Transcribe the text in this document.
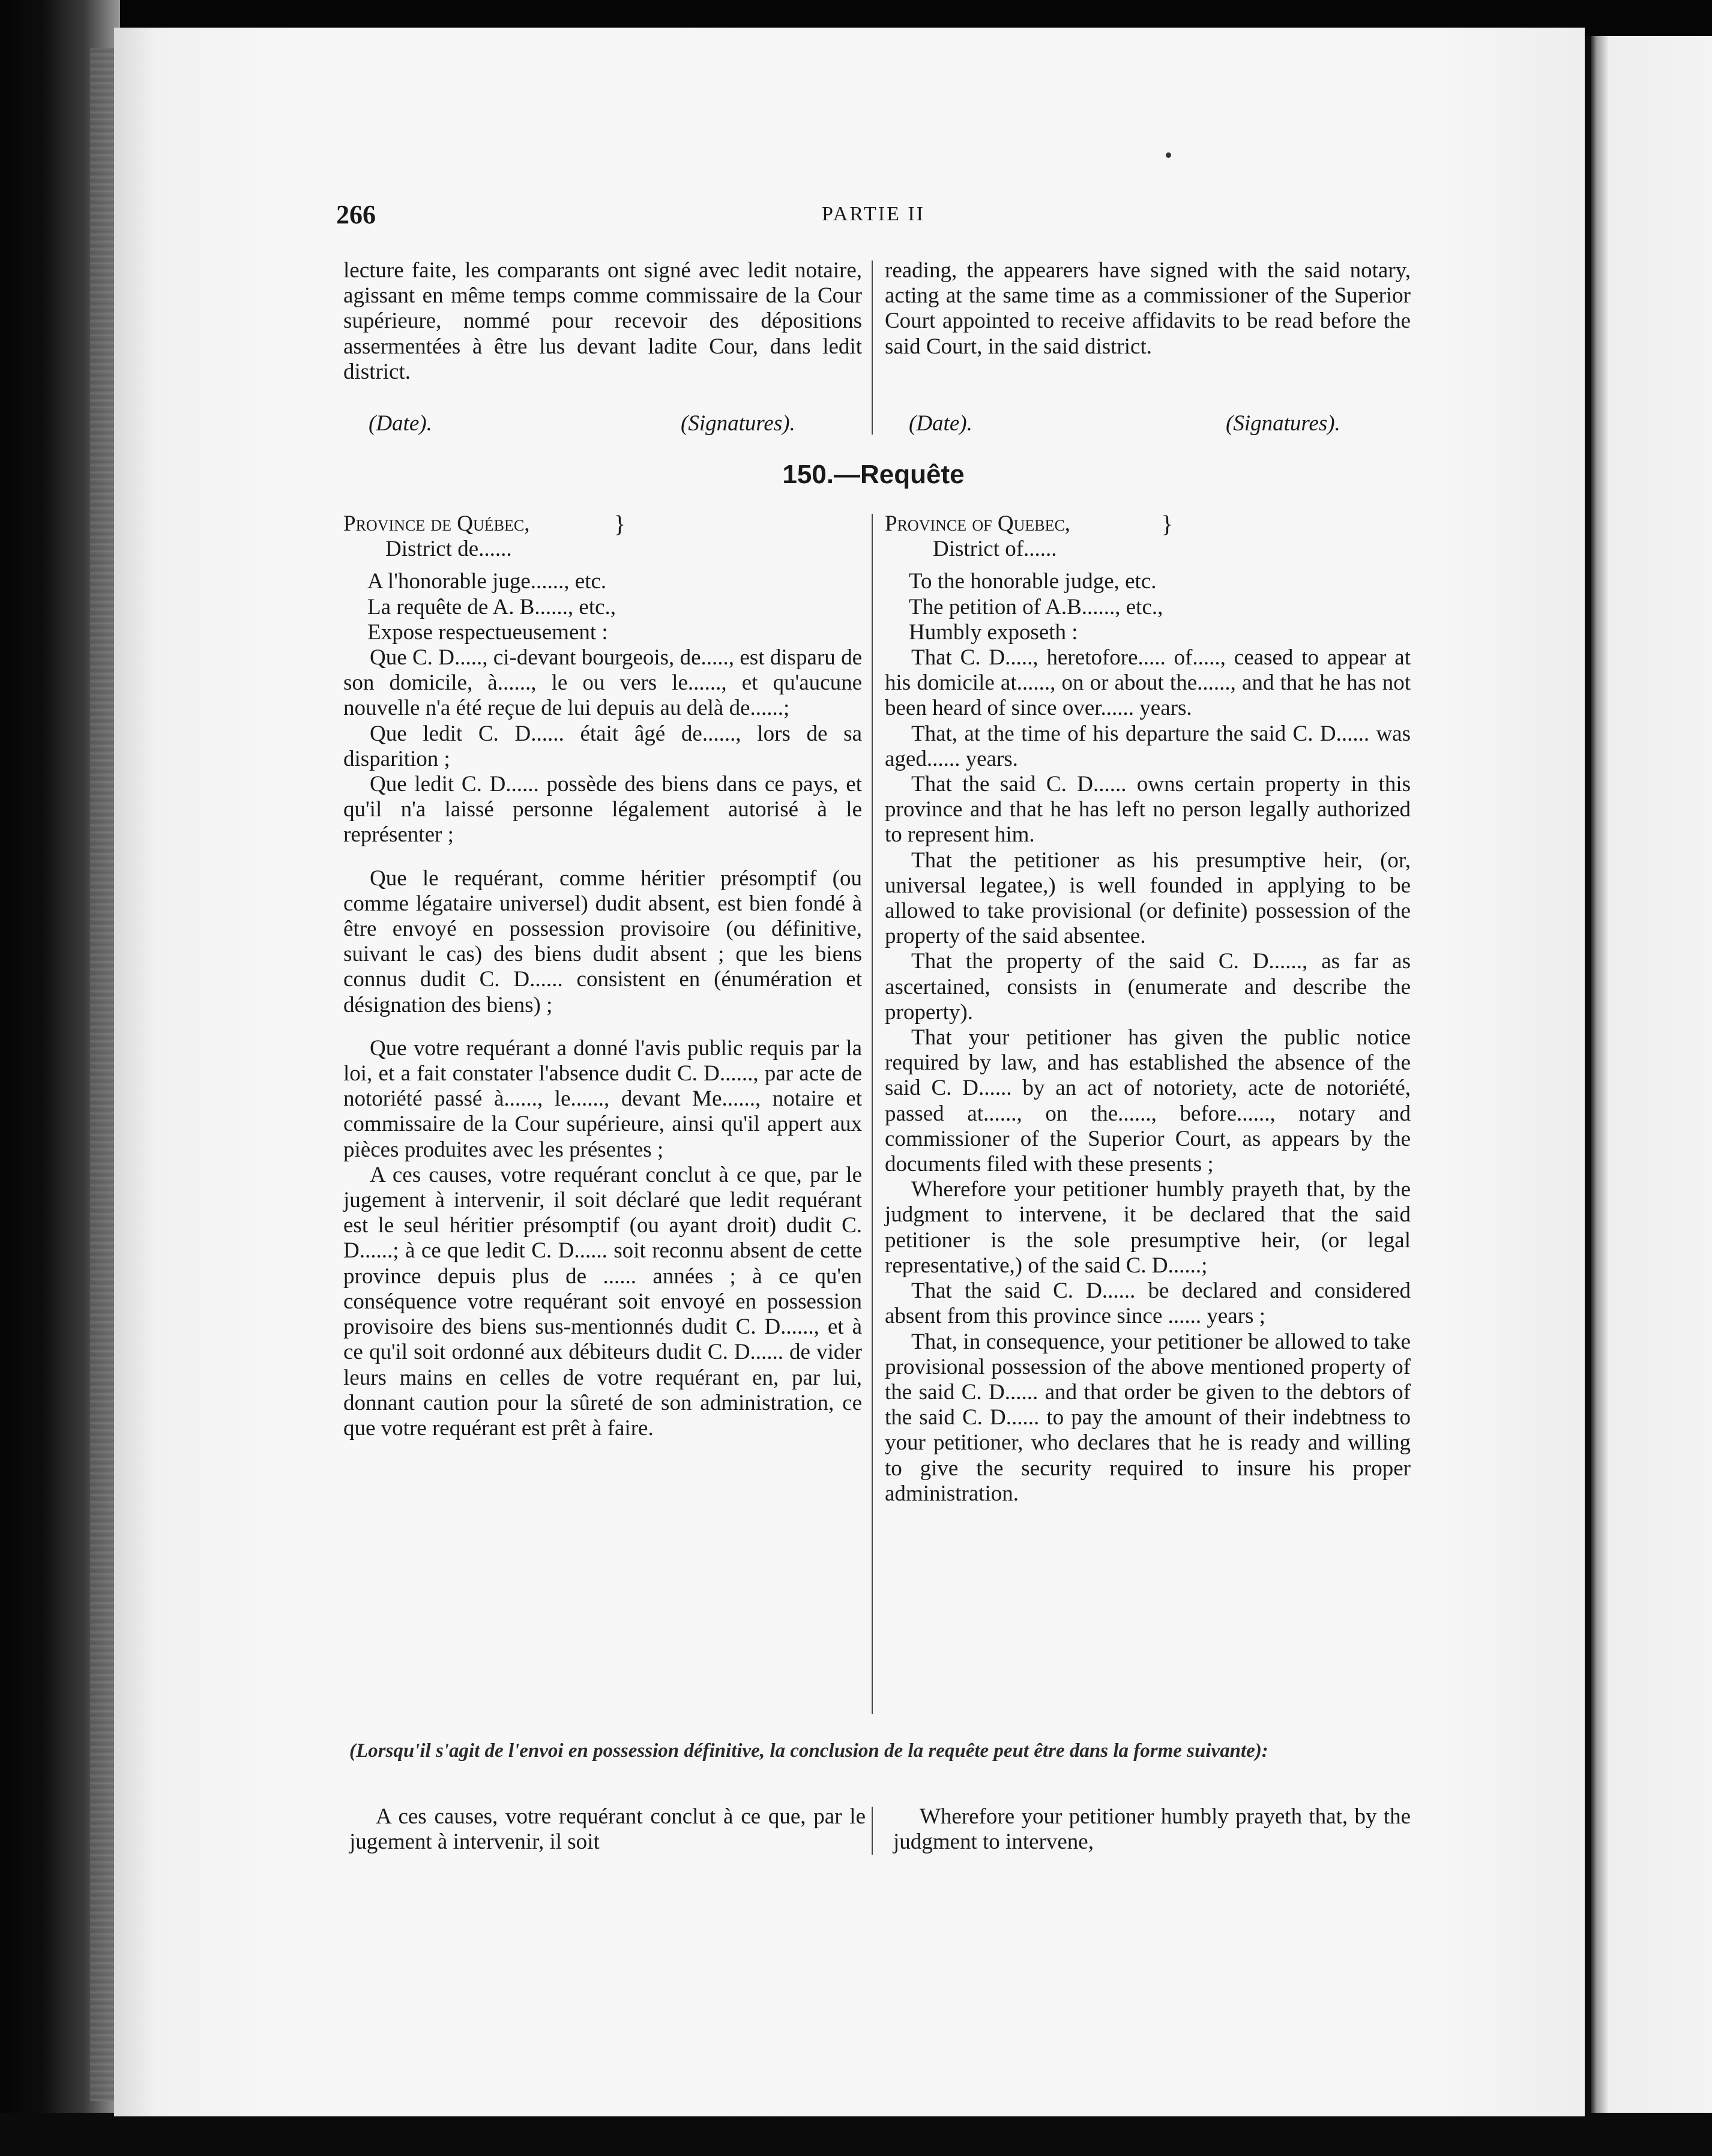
266	PARTIE II

lecture faite, les comparants ont signé avec ledit notaire, agissant en même temps comme commissaire de la Cour supérieure, nommé pour recevoir des dépositions assermentées à être lus devant ladite Cour, dans ledit district.

reading, the appearers have signed with the said notary, acting at the same time as a commissioner of the Superior Court appointed to receive affidavits to be read before the said Court, in the said district.

(Date).	(Signatures).	(Date).	(Signatures).
150.—Requête
Province de Québec,	}

District de......

A l'honorable juge......, etc.

La requête de A. B......, etc.,

Expose respectueusement :

Que C. D....., ci-devant bourgeois, de....., est disparu de son domicile, à......, le ou vers le......, et qu'aucune nouvelle n'a été reçue de lui depuis au delà de......;

Que ledit C. D...... était âgé de......, lors de sa disparition ;

Que ledit C. D...... possède des biens dans ce pays, et qu'il n'a laissé personne légalement autorisé à le représenter ;

Que le requérant, comme héritier présomptif (ou comme légataire universel) dudit absent, est bien fondé à être envoyé en possession provisoire (ou définitive, suivant le cas) des biens dudit absent ; que les biens connus dudit C. D...... consistent en (énumération et désignation des biens) ;

Que votre requérant a donné l'avis public requis par la loi, et a fait constater l'absence dudit C. D......, par acte de notoriété passé à......, le......, devant Me......, notaire et commissaire de la Cour supérieure, ainsi qu'il appert aux pièces produites avec les présentes ;

A ces causes, votre requérant conclut à ce que, par le jugement à intervenir, il soit déclaré que ledit requérant est le seul héritier présomptif (ou ayant droit) dudit C. D......; à ce que ledit C. D...... soit reconnu absent de cette province depuis plus de ...... années ; à ce qu'en conséquence votre requérant soit envoyé en possession provisoire des biens sus-mentionnés dudit C. D......, et à ce qu'il soit ordonné aux débiteurs dudit C. D...... de vider leurs mains en celles de votre requérant en, par lui, donnant caution pour la sûreté de son administration, ce que votre requérant est prêt à faire.

Province of Quebec,	}

District of......

To the honorable judge, etc.

The petition of A.B......, etc.,

Humbly exposeth :

That C. D....., heretofore..... of....., ceased to appear at his domicile at......, on or about the......, and that he has not been heard of since over...... years.

That, at the time of his departure the said C. D...... was aged...... years.

That the said C. D...... owns certain property in this province and that he has left no person legally authorized to represent him.

That the petitioner as his presumptive heir, (or, universal legatee,) is well founded in applying to be allowed to take provisional (or definite) possession of the property of the said absentee.

That the property of the said C. D......, as far as ascertained, consists in (enumerate and describe the property).

That your petitioner has given the public notice required by law, and has established the absence of the said C. D...... by an act of notoriety, acte de notoriété, passed at......, on the......, before......, notary and commissioner of the Superior Court, as appears by the documents filed with these presents ;

Wherefore your petitioner humbly prayeth that, by the judgment to intervene, it be declared that the said petitioner is the sole presumptive heir, (or legal representative,) of the said C. D......;

That the said C. D...... be declared and considered absent from this province since ...... years ;

That, in consequence, your petitioner be allowed to take provisional possession of the above mentioned property of the said C. D...... and that order be given to the debtors of the said C. D...... to pay the amount of their indebtness to your petitioner, who declares that he is ready and willing to give the security required to insure his proper administration.

(Lorsqu'il s'agit de l'envoi en possession définitive, la conclusion de la requête peut être dans la forme suivante):
A ces causes, votre requérant conclut à ce que, par le jugement à intervenir, il soit
Wherefore your petitioner humbly prayeth that, by the judgment to intervene,
